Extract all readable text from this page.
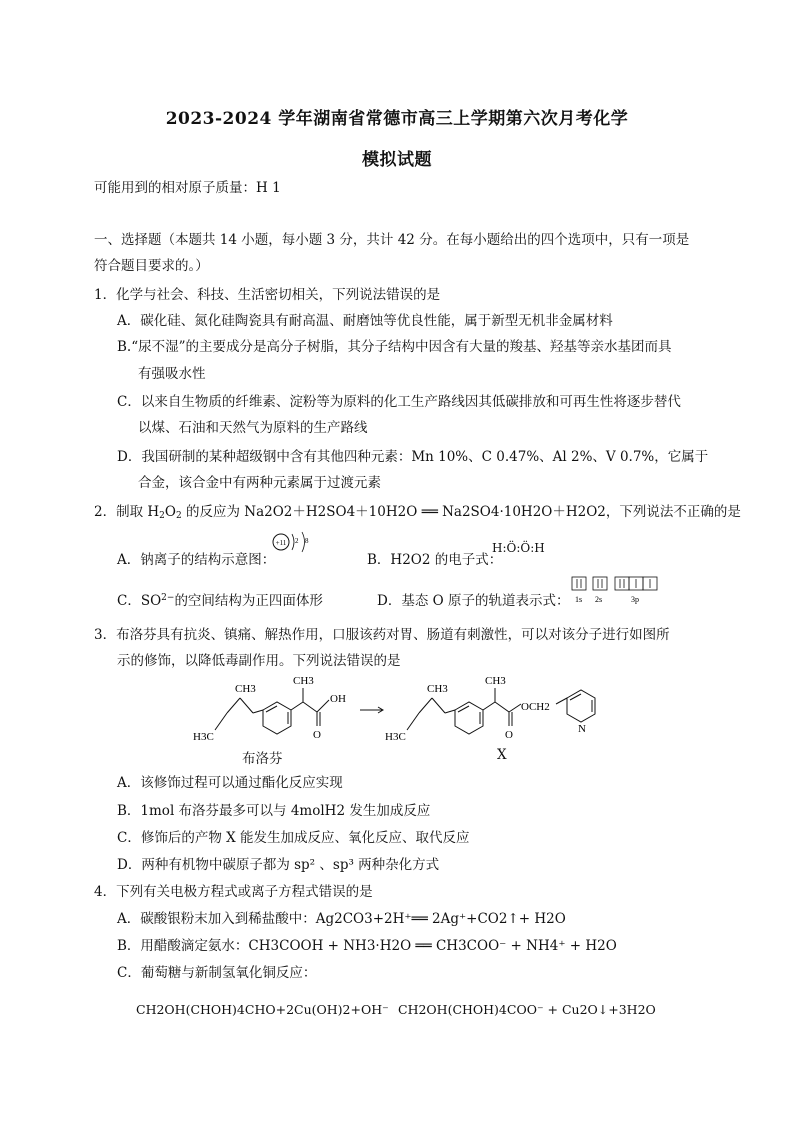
2023-2024 学年湖南省常德市高三上学期第六次月考化学
模拟试题
可能用到的相对原子质量：H 1
一、选择题（本题共 14 小题，每小题 3 分，共计 42 分。在每小题给出的四个选项中，只有一项是
符合题目要求的。）
1．化学与社会、科技、生活密切相关，下列说法错误的是
A．碳化硅、氮化硅陶瓷具有耐高温、耐磨蚀等优良性能，属于新型无机非金属材料
B.“尿不湿”的主要成分是高分子树脂，其分子结构中因含有大量的羧基、羟基等亲水基团而具
有强吸水性
C．以来自生物质的纤维素、淀粉等为原料的化工生产路线因其低碳排放和可再生性将逐步替代
以煤、石油和天然气为原料的生产路线
D．我国研制的某种超级钢中含有其他四种元素：Mn 10%、C 0.47%、Al 2%、V 0.7%，它属于
合金，该合金中有两种元素属于过渡元素
2．制取 $H_2O_2$ 的反应为 Na2O2＋H2SO4＋10H2O ══ Na2SO4·10H2O＋H2O2，下列说法不正确的是
A．钠离子的结构示意图：
+11 2 8
B．H2O2 的电子式：
H:Ö:Ö:H
C．$SO^{2-}$的空间结构为正四面体形	D．基态 O 原子的轨道表示式： 1s 2s	3p
3．布洛芬具有抗炎、镇痛、解热作用，口服该药对胃、肠道有刺激性，可以对该分子进行如图所
示的修饰，以降低毒副作用。下列说法错误的是
CH3
H3C
CH3
OH
O
CH3
H3C
CH3
OCH2
O	N
布洛芬	X
A．该修饰过程可以通过酯化反应实现
B．1mol 布洛芬最多可以与 4molH2 发生加成反应
C．修饰后的产物 X 能发生加成反应、氧化反应、取代反应
D．两种有机物中碳原子都为 sp² 、sp³ 两种杂化方式
4．下列有关电极方程式或离子方程式错误的是
A．碳酸银粉末加入到稀盐酸中：Ag2CO3+2H⁺══ 2Ag⁺+CO2↑+ H2O
B．用醋酸滴定氨水：CH3COOH + NH3·H2O ══ CH3COO⁻ + NH4⁺ + H2O
C．葡萄糖与新制氢氧化铜反应：
CH2OH(CHOH)4CHO+2Cu(OH)2+OH⁻ CH2OH(CHOH)4COO⁻ + Cu2O↓+3H2O
